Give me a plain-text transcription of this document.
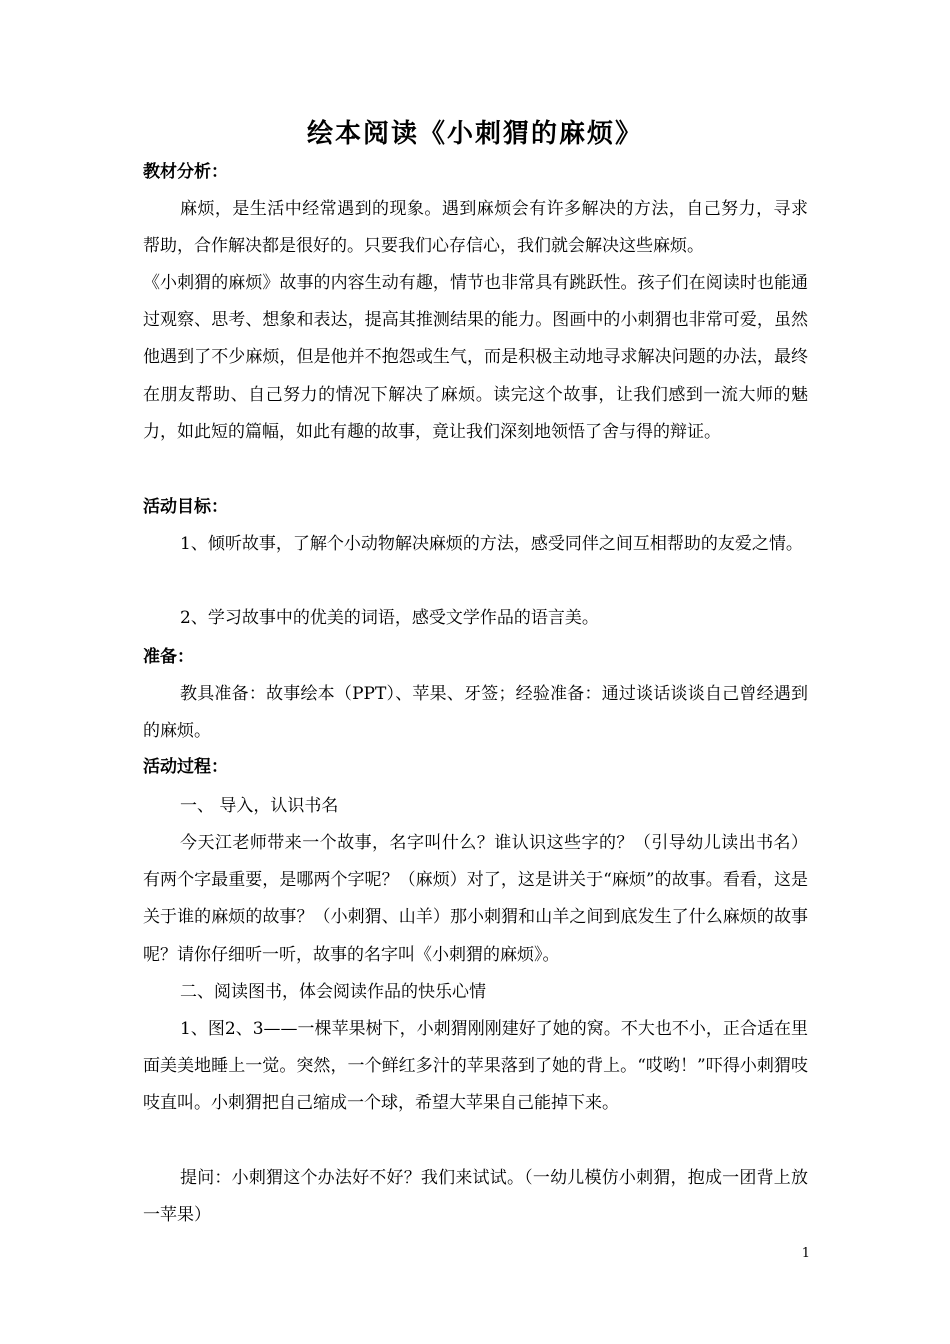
绘本阅读《小刺猬的麻烦》
教材分析：

麻烦，是生活中经常遇到的现象。遇到麻烦会有许多解决的方法，自己努力，寻求帮助，合作解决都是很好的。只要我们心存信心，我们就会解决这些麻烦。

《小刺猬的麻烦》故事的内容生动有趣，情节也非常具有跳跃性。孩子们在阅读时也能通过观察、思考、想象和表达，提高其推测结果的能力。图画中的小刺猬也非常可爱，虽然他遇到了不少麻烦，但是他并不抱怨或生气，而是积极主动地寻求解决问题的办法，最终在朋友帮助、自己努力的情况下解决了麻烦。读完这个故事，让我们感到一流大师的魅力，如此短的篇幅，如此有趣的故事，竟让我们深刻地领悟了舍与得的辩证。

活动目标：

1、倾听故事，了解个小动物解决麻烦的方法，感受同伴之间互相帮助的友爱之情。

2、学习故事中的优美的词语，感受文学作品的语言美。

准备：

教具准备：故事绘本（PPT）、苹果、牙签；经验准备：通过谈话谈谈自己曾经遇到的麻烦。

活动过程：

一、 导入，认识书名

今天江老师带来一个故事，名字叫什么？谁认识这些字的？（引导幼儿读出书名）有两个字最重要，是哪两个字呢？（麻烦）对了，这是讲关于“麻烦”的故事。看看，这是关于谁的麻烦的故事？（小刺猬、山羊）那小刺猬和山羊之间到底发生了什么麻烦的故事呢？请你仔细听一听，故事的名字叫《小刺猬的麻烦》。

二、阅读图书，体会阅读作品的快乐心情

1、图2、3——一棵苹果树下，小刺猬刚刚建好了她的窝。不大也不小，正合适在里面美美地睡上一觉。突然，一个鲜红多汁的苹果落到了她的背上。“哎哟！”吓得小刺猬吱吱直叫。小刺猬把自己缩成一个球，希望大苹果自己能掉下来。

提问：小刺猬这个办法好不好？我们来试试。（一幼儿模仿小刺猬，抱成一团背上放一苹果）

1
